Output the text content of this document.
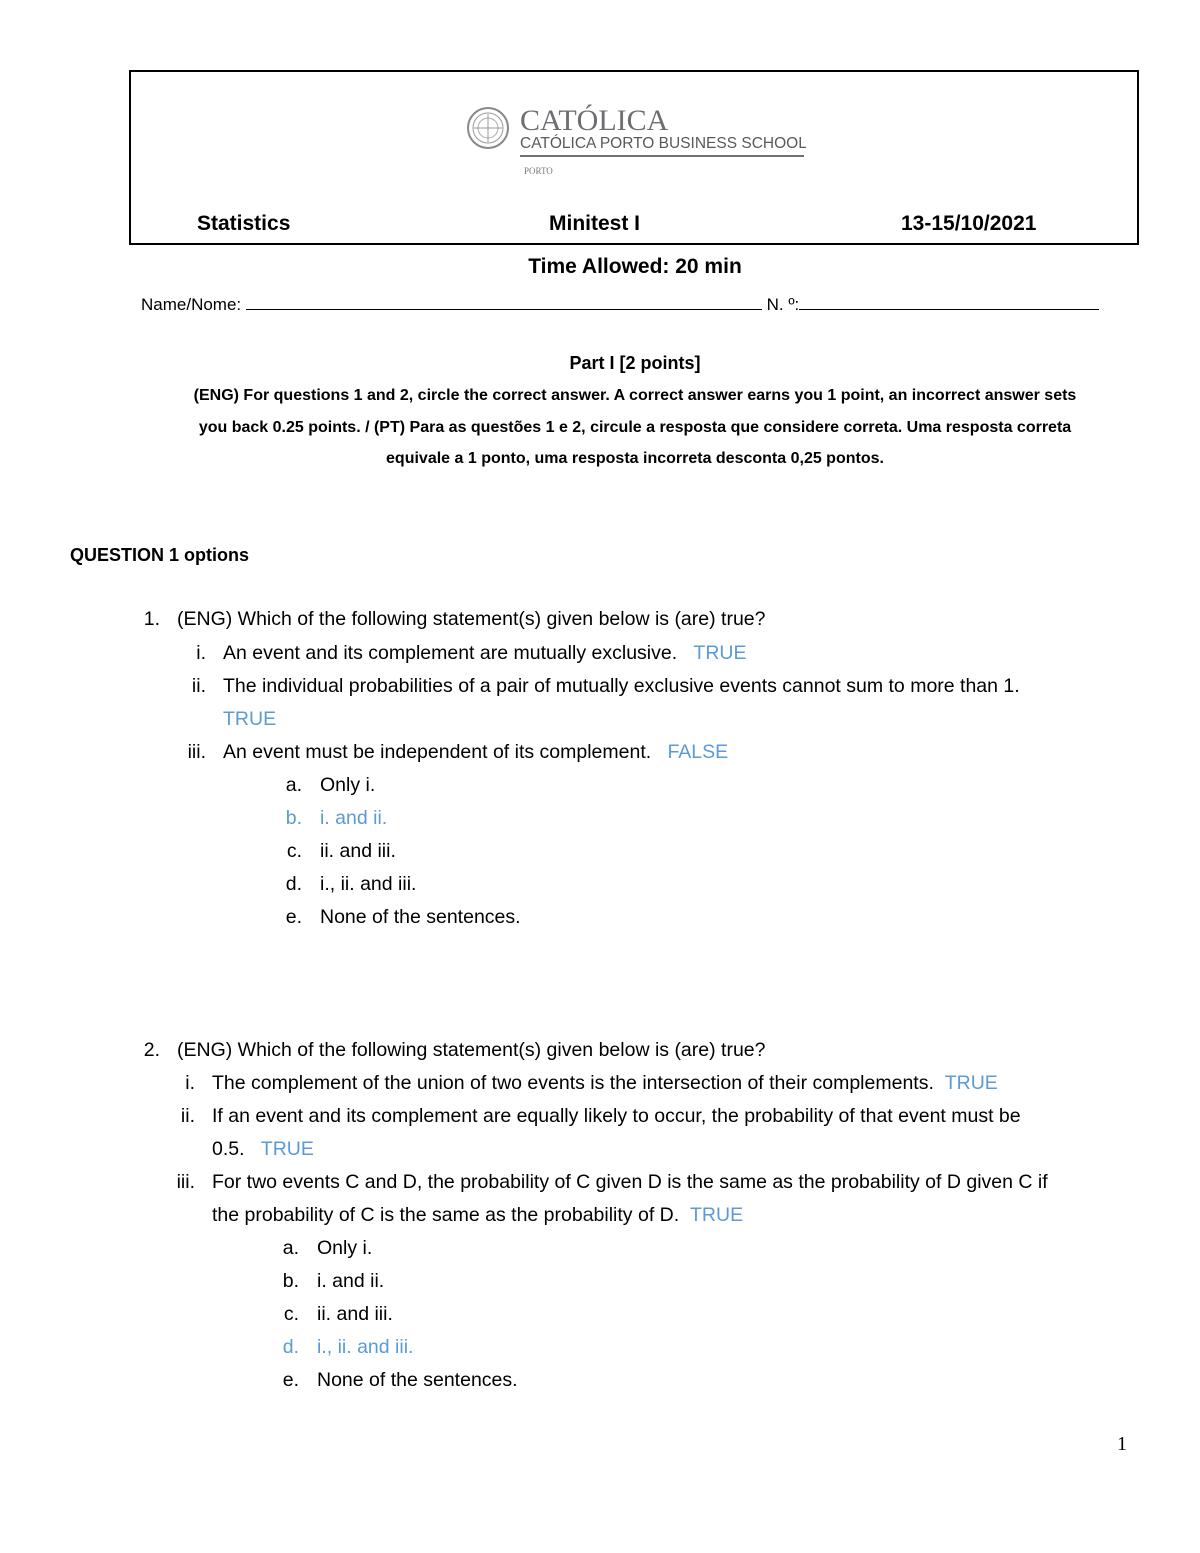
CATÓLICA
CATÓLICA PORTO BUSINESS SCHOOL
PORTO
Statistics	Minitest I	13-15/10/2021
Time Allowed: 20 min
Name/Nome:	N. º:
Part I [2 points]
(ENG) For questions 1 and 2, circle the correct answer. A correct answer earns you 1 point, an incorrect answer sets
you back 0.25 points. / (PT) Para as questões 1 e 2, circule a resposta que considere correta. Uma resposta correta
equivale a 1 ponto, uma resposta incorreta desconta 0,25 pontos.
QUESTION 1 options
1. (ENG) Which of the following statement(s) given below is (are) true?
i. An event and its complement are mutually exclusive. TRUE
ii. The individual probabilities of a pair of mutually exclusive events cannot sum to more than 1.
TRUE
iii. An event must be independent of its complement. FALSE
a. Only i.
b. i. and ii.
c. ii. and iii.
d. i., ii. and iii.
e. None of the sentences.
2. (ENG) Which of the following statement(s) given below is (are) true?
i. The complement of the union of two events is the intersection of their complements. TRUE
ii. If an event and its complement are equally likely to occur, the probability of that event must be
0.5. TRUE
iii. For two events C and D, the probability of C given D is the same as the probability of D given C if
the probability of C is the same as the probability of D. TRUE
a. Only i.
b. i. and ii.
c. ii. and iii.
d. i., ii. and iii.
e. None of the sentences.
1
